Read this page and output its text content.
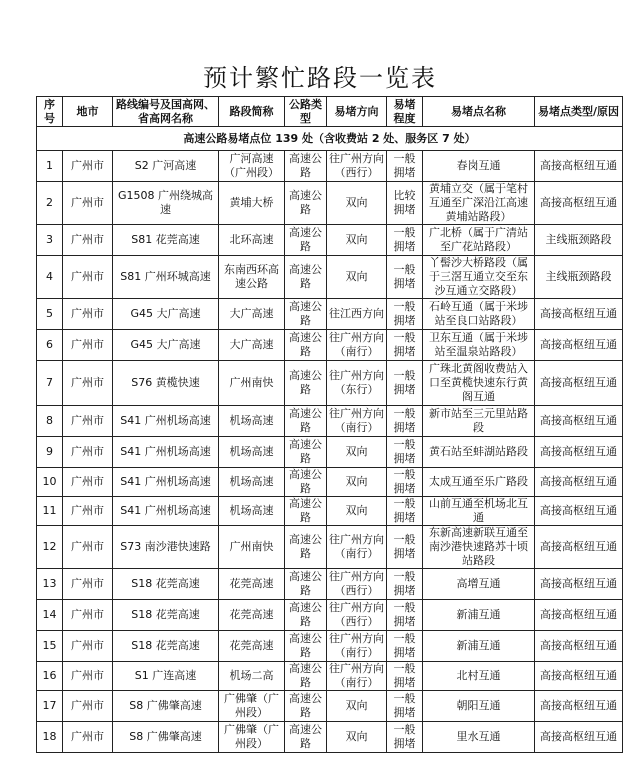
预计繁忙路段一览表
序号	地市	路线编号及国高网、省高网名称	路段简称	公路类型	易堵方向	易堵程度	易堵点名称	易堵点类型/原因
高速公路易堵点位 139 处（含收费站 2 处、服务区 7 处）								
1	广州市	S2 广河高速	广河高速（广州段）	高速公路	往广州方向（西行）	一般拥堵	春岗互通	高接高枢纽互通
2	广州市	G1508 广州绕城高速	黄埔大桥	高速公路	双向	比较拥堵	黄埔立交（属于笔村互通至广深沿江高速黄埔站路段）	高接高枢纽互通
3	广州市	S81 花莞高速	北环高速	高速公路	双向	一般拥堵	广北桥（属于广清站至广花站路段）	主线瓶颈路段
4	广州市	S81 广州环城高速	东南西环高速公路	高速公路	双向	一般拥堵	丫髻沙大桥路段（属于三滘互通立交至东沙互通立交路段）	主线瓶颈路段
5	广州市	G45 大广高速	大广高速	高速公路	往江西方向	一般拥堵	石岭互通（属于米埗站至良口站路段）	高接高枢纽互通
6	广州市	G45 大广高速	大广高速	高速公路	往广州方向（南行）	一般拥堵	卫东互通（属于米埗站至温泉站路段）	高接高枢纽互通
7	广州市	S76 黄榄快速	广州南快	高速公路	往广州方向（东行）	一般拥堵	广珠北黄阁收费站入口至黄榄快速东行黄阁互通	高接高枢纽互通
8	广州市	S41 广州机场高速	机场高速	高速公路	往广州方向（南行）	一般拥堵	新市站至三元里站路段	高接高枢纽互通
9	广州市	S41 广州机场高速	机场高速	高速公路	双向	一般拥堵	黄石站至蚌湖站路段	高接高枢纽互通
10	广州市	S41 广州机场高速	机场高速	高速公路	双向	一般拥堵	太成互通至乐广路段	高接高枢纽互通
11	广州市	S41 广州机场高速	机场高速	高速公路	双向	一般拥堵	山前互通至机场北互通	高接高枢纽互通
12	广州市	S73 南沙港快速路	广州南快	高速公路	往广州方向（南行）	一般拥堵	东新高速新联互通至南沙港快速路苏十顷站路段	高接高枢纽互通
13	广州市	S18 花莞高速	花莞高速	高速公路	往广州方向（西行）	一般拥堵	高增互通	高接高枢纽互通
14	广州市	S18 花莞高速	花莞高速	高速公路	往广州方向（西行）	一般拥堵	新浦互通	高接高枢纽互通
15	广州市	S18 花莞高速	花莞高速	高速公路	往广州方向（南行）	一般拥堵	新浦互通	高接高枢纽互通
16	广州市	S1 广连高速	机场二高	高速公路	往广州方向（南行）	一般拥堵	北村互通	高接高枢纽互通
17	广州市	S8 广佛肇高速	广佛肇（广州段）	高速公路	双向	一般拥堵	朝阳互通	高接高枢纽互通
18	广州市	S8 广佛肇高速	广佛肇（广州段）	高速公路	双向	一般拥堵	里水互通	高接高枢纽互通
